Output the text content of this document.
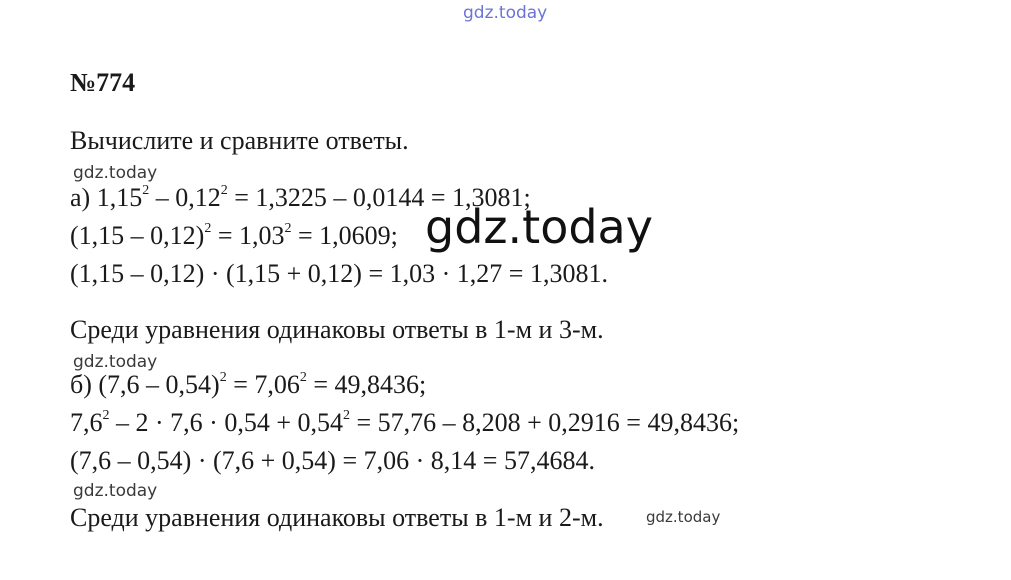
gdz.today
№774
Вычислите и сравните ответы.
gdz.today
а) $1,15^2 - 0,12^2 = 1,3225 - 0,0144 = 1,3081$;
$(1,15 - 0,12)^2 = 1,03^2 = 1,0609$; gdz.today
(1,15 – 0,12) · (1,15 + 0,12) = 1,03 · 1,27 = 1,3081.
Среди уравнения одинаковы ответы в 1-м и 3-м.
gdz.today
б) $(7,6 - 0,54)^2 = 7,06^2 = 49,8436$;
$7,6^2 - 2 \cdot 7,6 \cdot 0,54 + 0,54^2 = 57,76 - 8,208 + 0,2916 = 49,8436$;
(7,6 – 0,54) · (7,6 + 0,54) = 7,06 · 8,14 = 57,4684.
gdz.today
Среди уравнения одинаковы ответы в 1-м и 2-м.	gdz.today
